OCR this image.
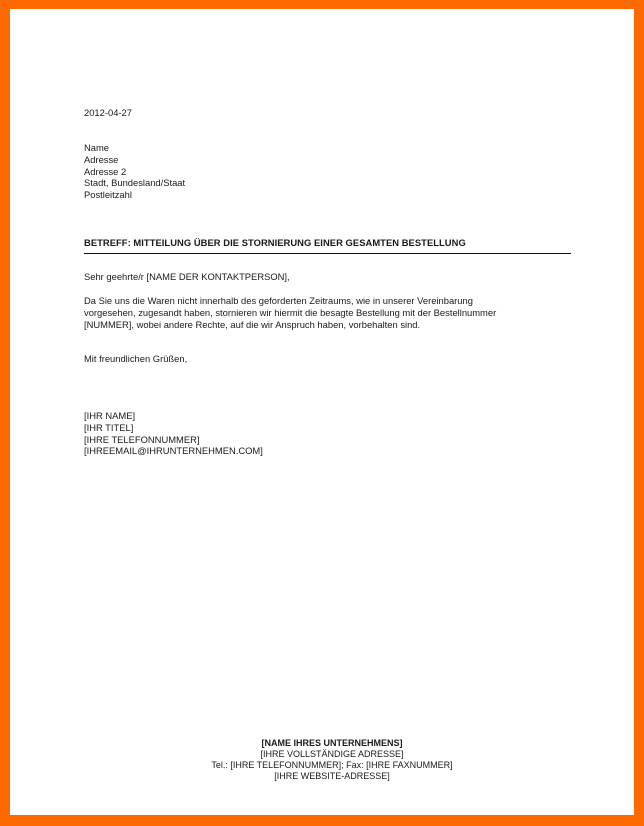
2012-04-27
Name
Adresse
Adresse 2
Stadt, Bundesland/Staat
Postleitzahl
BETREFF: MITTEILUNG ÜBER DIE STORNIERUNG EINER GESAMTEN BESTELLUNG
Sehr geehrte/r [NAME DER KONTAKTPERSON],
Da Sie uns die Waren nicht innerhalb des geforderten Zeitraums, wie in unserer Vereinbarung
vorgesehen, zugesandt haben, stornieren wir hiermit die besagte Bestellung mit der Bestellnummer
[NUMMER], wobei andere Rechte, auf die wir Anspruch haben, vorbehalten sind.
Mit freundlichen Grüßen,
[IHR NAME]
[IHR TITEL]
[IHRE TELEFONNUMMER]
[IHREEMAIL@IHRUNTERNEHMEN.COM]
[NAME IHRES UNTERNEHMENS]
[IHRE VOLLSTÄNDIGE ADRESSE]
Tel.: [IHRE TELEFONNUMMER]; Fax: [IHRE FAXNUMMER]
[IHRE WEBSITE-ADRESSE]
